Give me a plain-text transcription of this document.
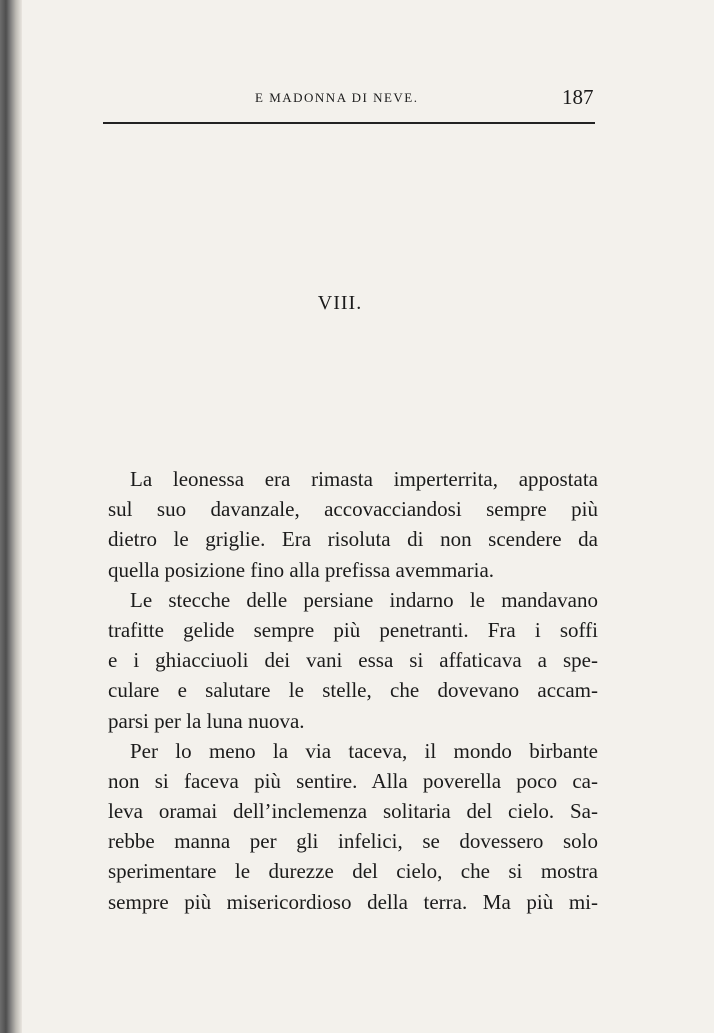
E MADONNA DI NEVE.	187
VIII.
La leonessa era rimasta imperterrita, appostata
sul suo davanzale, accovacciandosi sempre più
dietro le griglie. Era risoluta di non scendere da
quella posizione fino alla prefissa avemmaria.
Le stecche delle persiane indarno le mandavano
trafitte gelide sempre più penetranti. Fra i soffi
e i ghiacciuoli dei vani essa si affaticava a spe-
culare e salutare le stelle, che dovevano accam-
parsi per la luna nuova.
Per lo meno la via taceva, il mondo birbante
non si faceva più sentire. Alla poverella poco ca-
leva oramai dell’inclemenza solitaria del cielo. Sa-
rebbe manna per gli infelici, se dovessero solo
sperimentare le durezze del cielo, che si mostra
sempre più misericordioso della terra. Ma più mi-
